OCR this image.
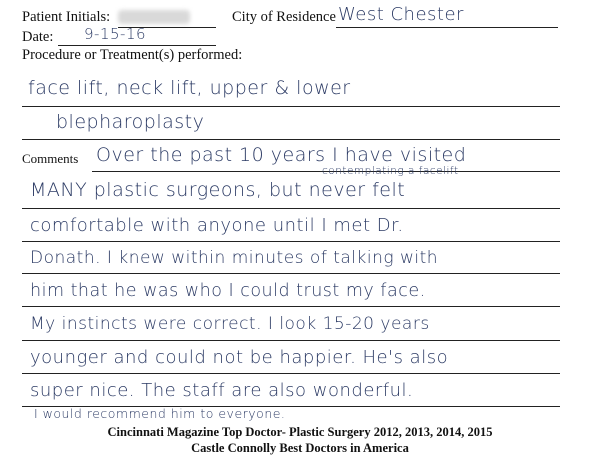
Patient Initials:	City of Residence West Chester
Date: 9-15-16
Procedure or Treatment(s) performed:
face lift, neck lift, upper & lower
blepharoplasty
Comments Over the past 10 years I have visited
contemplating a facelift
MANY plastic surgeons, but never felt
comfortable with anyone until I met Dr.
Donath. I knew within minutes of talking with
him that he was who I could trust my face.
My instincts were correct. I look 15-20 years
younger and could not be happier. He's also
super nice. The staff are also wonderful.
I would recommend him to everyone.
Cincinnati Magazine Top Doctor- Plastic Surgery 2012, 2013, 2014, 2015
Castle Connolly Best Doctors in America
